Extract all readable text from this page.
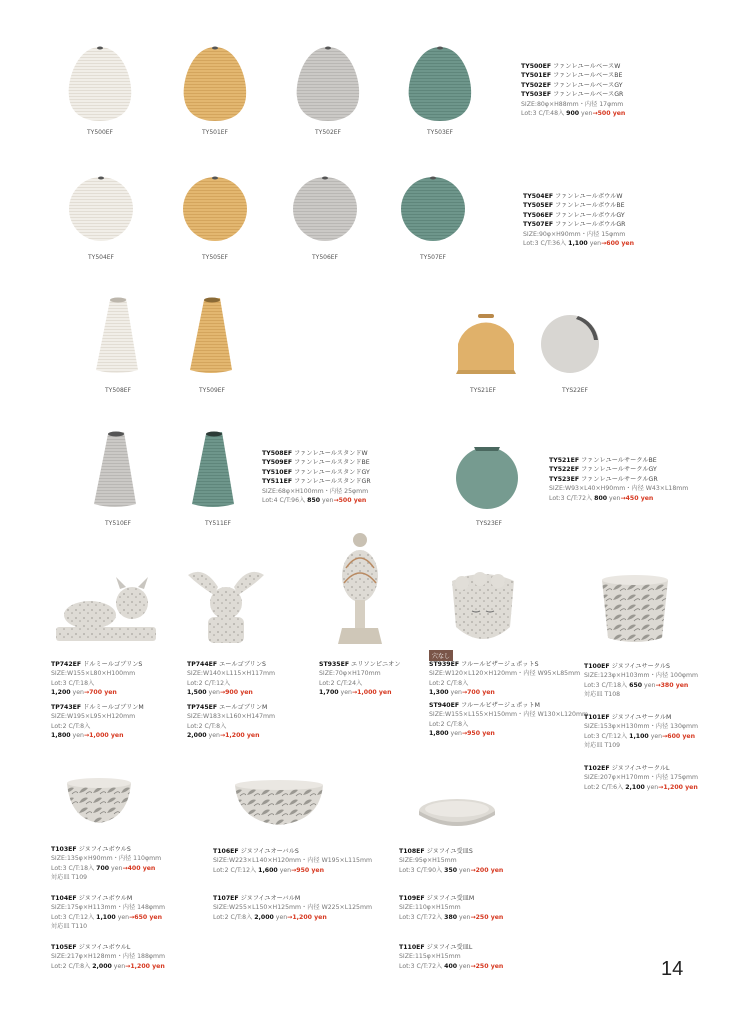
TY500EF	TY501EF	TY502EF	TY503EF
TY500EF ファンレユールベースW
TY501EF ファンレユールベースBE
TY502EF ファンレユールベースGY
TY503EF ファンレユールベースGR
SIZE:80φ×H88mm・内径 17φmm
Lot:3 C/T:48入 900 yen→500 yen
TY504EF	TY505EF	TY506EF	TY507EF
TY504EF ファンレユールボウルW
TY505EF ファンレユールボウルBE
TY506EF ファンレユールボウルGY
TY507EF ファンレユールボウルGR
SIZE:90φ×H90mm・内径 15φmm
Lot:3 C/T:36入 1,100 yen→600 yen
TY508EF	TY509EF
TY510EF	TY511EF
TY508EF ファンレユールスタンドW
TY509EF ファンレユールスタンドBE
TY510EF ファンレユールスタンドGY
TY511EF ファンレユールスタンドGR
SIZE:68φ×H100mm・内径 25φmm
Lot:4 C/T:96入 850 yen→500 yen
TYS21EF	TYS22EF
TYS23EF
TY521EF ファンレユールサークルBE
TY522EF ファンレユールサークルGY
TY523EF ファンレユールサークルGR
SIZE:W93×L40×H90mm・内径 W43×L18mm
Lot:3 C/T:72入 800 yen→450 yen
穴なし
TP742EF ドルミールゴブリンS
SIZE:W155×L80×H100mm
Lot:3 C/T:18入
1,200 yen→700 yen
TP743EF ドルミールゴブリンM
SIZE:W195×L95×H120mm
Lot:2 C/T:8入
1,800 yen→1,000 yen
TP744EF エールゴブリンS
SIZE:W140×L115×H117mm
Lot:2 C/T:12入
1,500 yen→900 yen
TP745EF エールゴブリンM
SIZE:W183×L160×H147mm
Lot:2 C/T:8入
2,000 yen→1,200 yen
ST935EF エリソンピニオン
SIZE:70φ×H170mm
Lot:2 C/T:24入
1,700 yen→1,000 yen
ST939EF フルールビザージュポットS
SIZE:W120×L120×H120mm・内径 W95×L85mm
Lot:2 C/T:8入
1,300 yen→700 yen
ST940EF フルールビザージュポットM
SIZE:W155×L155×H150mm・内径 W130×L120mm
Lot:2 C/T:8入
1,800 yen→950 yen
T100EF ジヌフイユサークルS
SIZE:123φ×H103mm・内径 100φmm
Lot:3 C/T:18入 650 yen→380 yen
対応皿 T108
T101EF ジヌフイユサークルM
SIZE:153φ×H130mm・内径 130φmm
Lot:3 C/T:12入 1,100 yen→600 yen
対応皿 T109
T102EF ジヌフイユサークルL
SIZE:207φ×H170mm・内径 175φmm
Lot:2 C/T:6入 2,100 yen→1,200 yen
T103EF ジヌフイユボウルS
SIZE:135φ×H90mm・内径 110φmm
Lot:3 C/T:18入 700 yen→400 yen
対応皿 T109
T104EF ジヌフイユボウルM
SIZE:175φ×H113mm・内径 148φmm
Lot:3 C/T:12入 1,100 yen→650 yen
対応皿 T110
T105EF ジヌフイユボウルL
SIZE:217φ×H128mm・内径 188φmm
Lot:2 C/T:8入 2,000 yen→1,200 yen
T106EF ジヌフイユオーバルS
SIZE:W223×L140×H120mm・内径 W195×L115mm
Lot:2 C/T:12入 1,600 yen→950 yen
T107EF ジヌフイユオーバルM
SIZE:W255×L150×H125mm・内径 W225×L125mm
Lot:2 C/T:8入 2,000 yen→1,200 yen
T108EF ジヌフイユ受皿S
SIZE:95φ×H15mm
Lot:3 C/T:90入 350 yen→200 yen
T109EF ジヌフイユ受皿M
SIZE:110φ×H15mm
Lot:3 C/T:72入 380 yen→250 yen
T110EF ジヌフイユ受皿L
SIZE:115φ×H15mm
Lot:3 C/T:72入 400 yen→250 yen	14
